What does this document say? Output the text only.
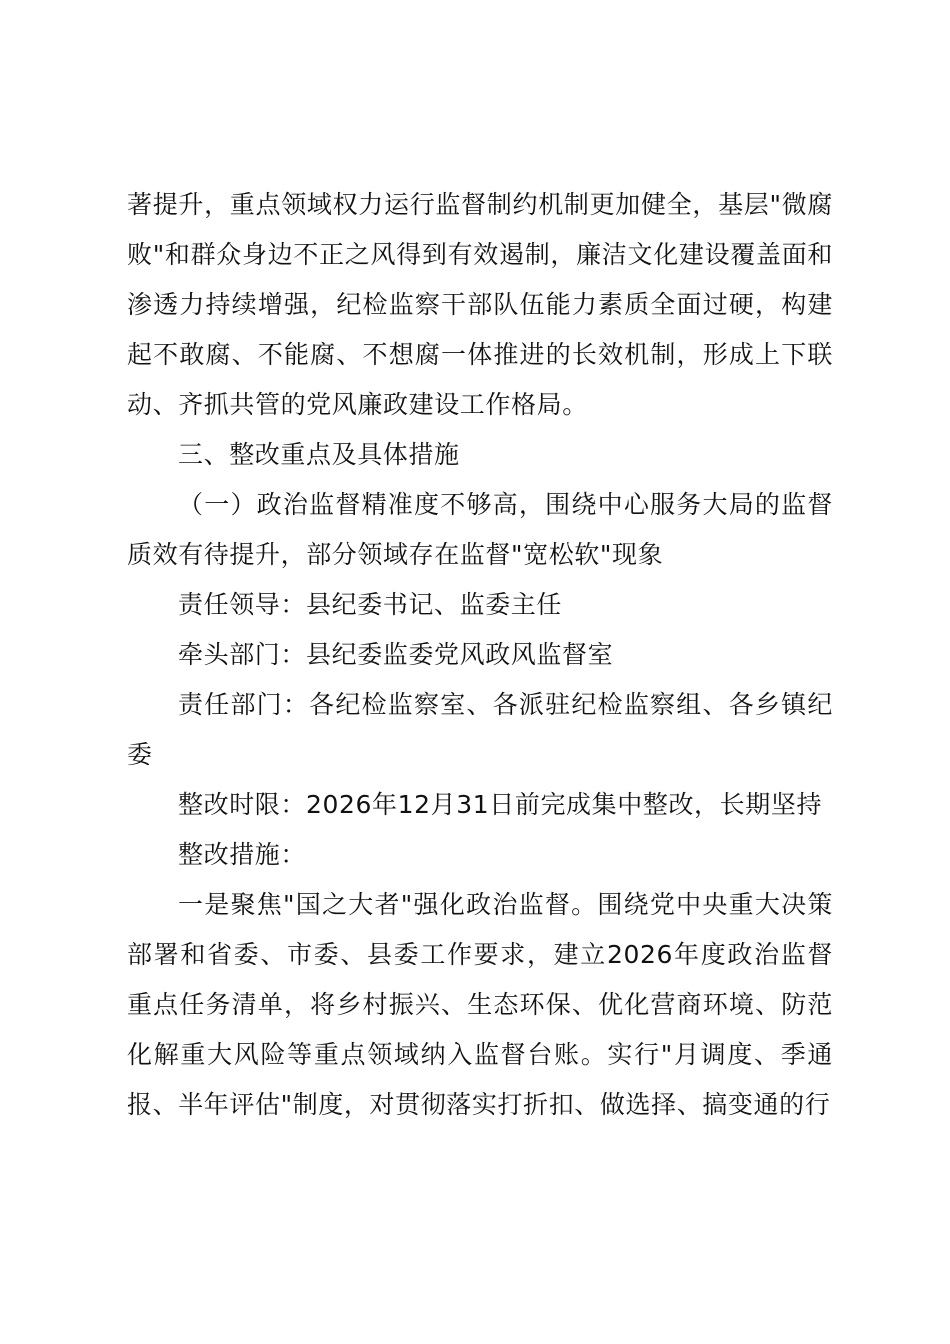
著提升，重点领域权力运行监督制约机制更加健全，基层"微腐败"和群众身边不正之风得到有效遏制，廉洁文化建设覆盖面和渗透力持续增强，纪检监察干部队伍能力素质全面过硬，构建起不敢腐、不能腐、不想腐一体推进的长效机制，形成上下联动、齐抓共管的党风廉政建设工作格局。

三、整改重点及具体措施

（一）政治监督精准度不够高，围绕中心服务大局的监督质效有待提升，部分领域存在监督"宽松软"现象

责任领导：县纪委书记、监委主任

牵头部门：县纪委监委党风政风监督室

责任部门：各纪检监察室、各派驻纪检监察组、各乡镇纪委

整改时限：2026年12月31日前完成集中整改，长期坚持

整改措施：

一是聚焦"国之大者"强化政治监督。围绕党中央重大决策部署和省委、市委、县委工作要求，建立2026年度政治监督重点任务清单，将乡村振兴、生态环保、优化营商环境、防范化解重大风险等重点领域纳入监督台账。实行"月调度、季通报、半年评估"制度，对贯彻落实打折扣、做选择、搞变通的行
